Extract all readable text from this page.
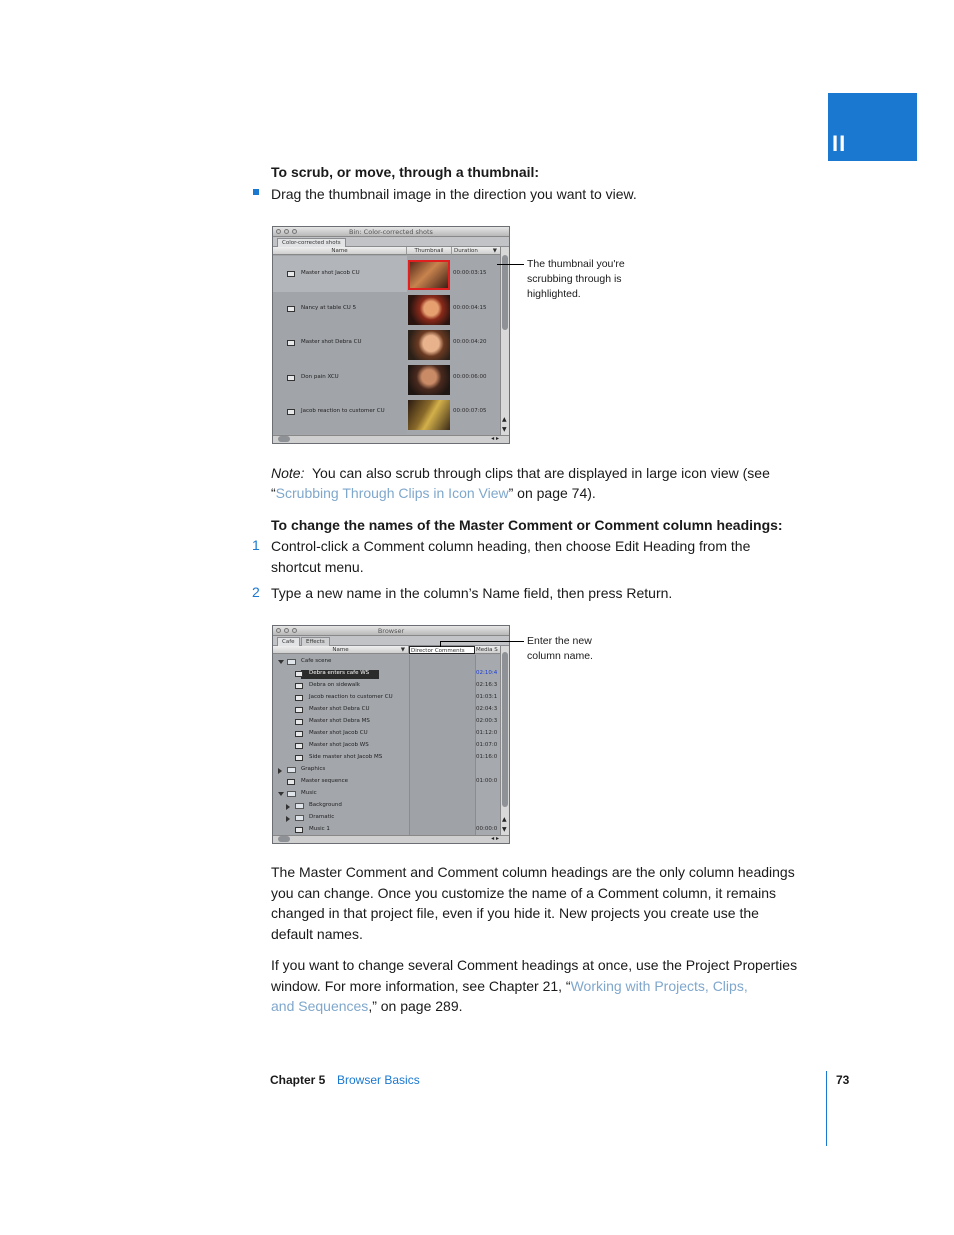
II
To scrub, or move, through a thumbnail:
Drag the thumbnail image in the direction you want to view.
Bin: Color-corrected shots
Color-corrected shots
Name	Thumbnail	Duration	▼
Master shot Jacob CU	00:00:03:15
Nancy at table CU 5	00:00:04:15
Master shot Debra CU	00:00:04:20
Don pain XCU	00:00:06:00
Jacob reaction to customer CU	00:00:07:05
▲
▼
◂ ▸
The thumbnail you're
scrubbing through is
highlighted.
Note: You can also scrub through clips that are displayed in large icon view (see
“Scrubbing Through Clips in Icon View” on page 74).
To change the names of the Master Comment or Comment column headings:
1 Control-click a Comment column heading, then choose Edit Heading from the
shortcut menu.
2 Type a new name in the column’s Name field, then press Return.
Browser
Cafe	Effects
Name	▼	Director Comments	Media S
Cafe scene
Debra enters cafe WS	02:10:4
Debra on sidewalk	02:16:3
Jacob reaction to customer CU	01:03:1
Master shot Debra CU	02:04:3
Master shot Debra MS	02:00:3
Master shot Jacob CU	01:12:0
Master shot Jacob WS	01:07:0
Side master shot Jacob MS	01:16:0
Graphics
Master sequence	01:00:0
Music
Background
Dramatic
Music 1	00:00:0
▲
▼
◂ ▸
Enter the new
column name.
The Master Comment and Comment column headings are the only column headings
you can change. Once you customize the name of a Comment column, it remains
changed in that project file, even if you hide it. New projects you create use the
default names.
If you want to change several Comment headings at once, use the Project Properties
window. For more information, see Chapter 21, “Working with Projects, Clips,
and Sequences,” on page 289.
Chapter 5 Browser Basics	73
